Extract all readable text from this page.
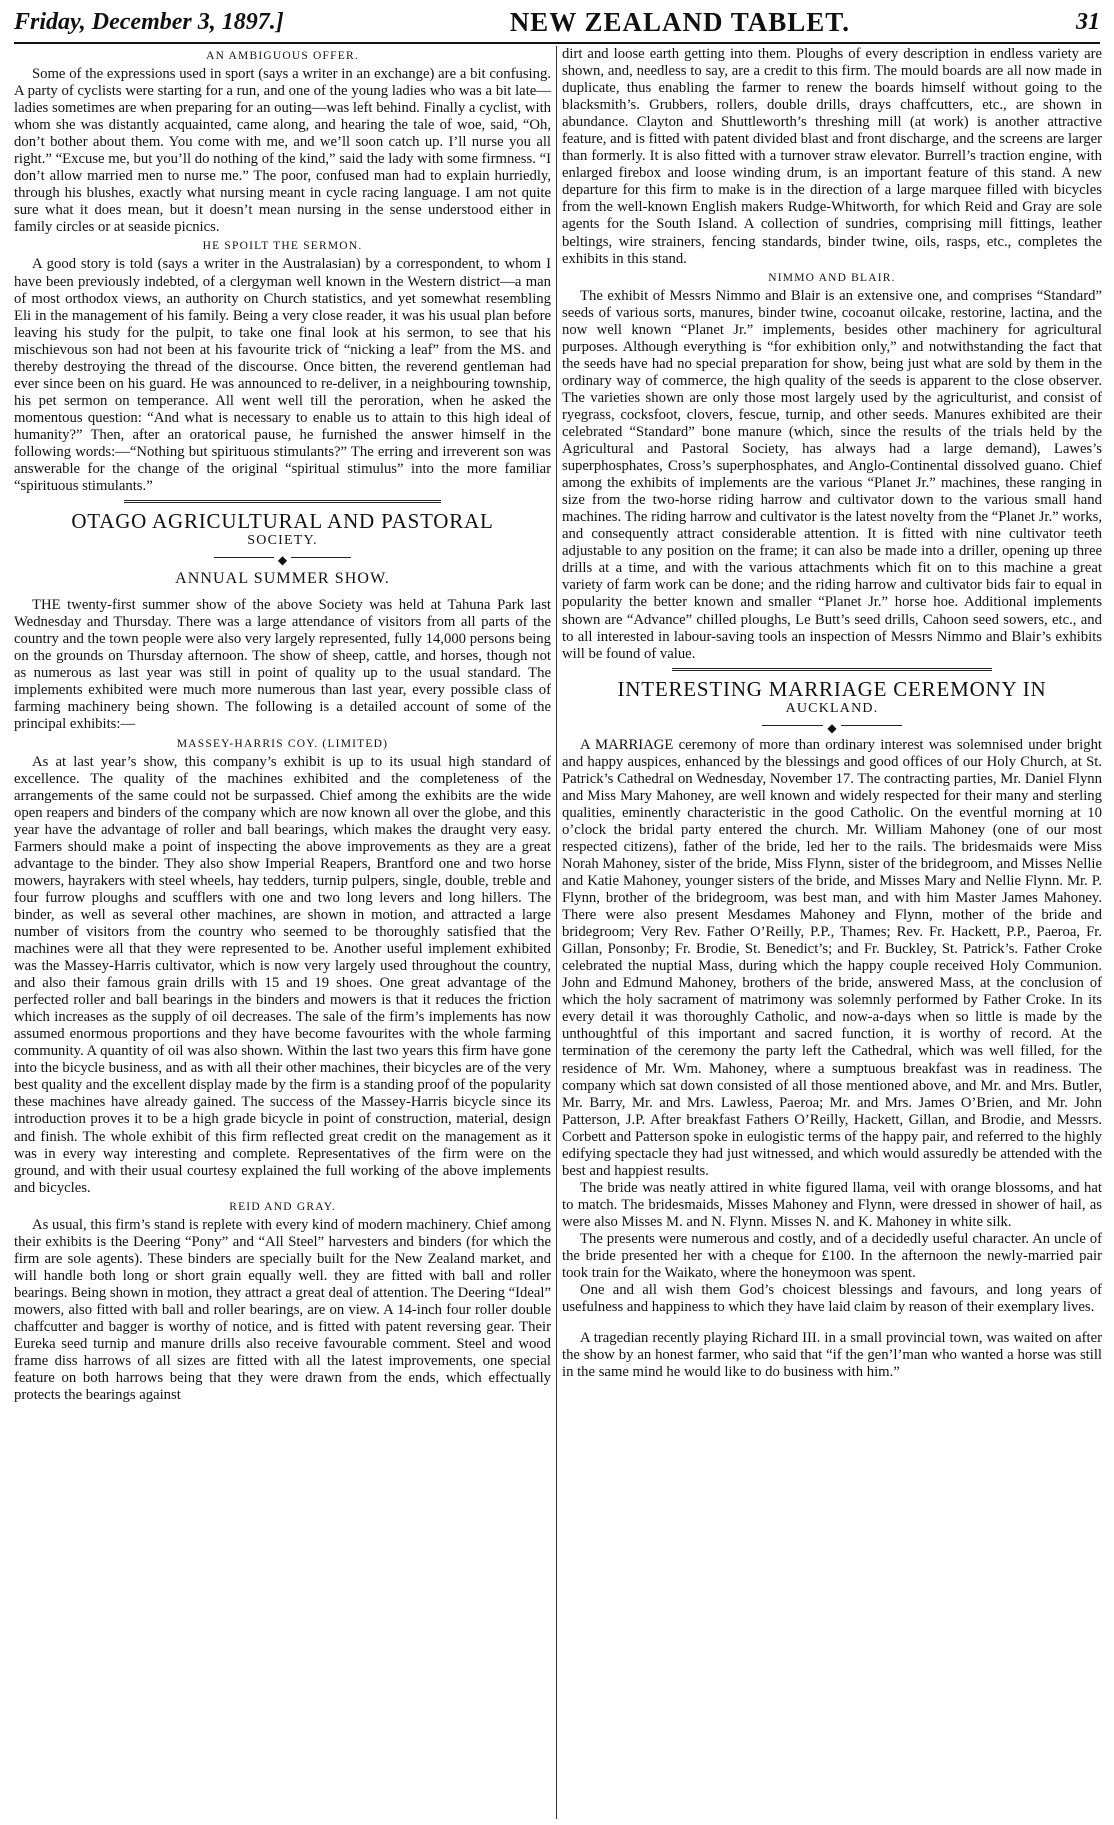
Friday, December 3, 1897.]	NEW ZEALAND TABLET.	31
AN AMBIGUOUS OFFER.

Some of the expressions used in sport (says a writer in an exchange) are a bit confusing. A party of cyclists were starting for a run, and one of the young ladies who was a bit late—ladies sometimes are when preparing for an outing—was left behind. Finally a cyclist, with whom she was distantly acquainted, came along, and hearing the tale of woe, said, “Oh, don’t bother about them. You come with me, and we’ll soon catch up. I’ll nurse you all right.” “Excuse me, but you’ll do nothing of the kind,” said the lady with some firmness. “I don’t allow married men to nurse me.” The poor, confused man had to explain hurriedly, through his blushes, exactly what nursing meant in cycle racing language. I am not quite sure what it does mean, but it doesn’t mean nursing in the sense understood either in family circles or at seaside picnics.

HE SPOILT THE SERMON.

A good story is told (says a writer in the Australasian) by a correspondent, to whom I have been previously indebted, of a clergyman well known in the Western district—a man of most orthodox views, an authority on Church statistics, and yet somewhat resembling Eli in the management of his family. Being a very close reader, it was his usual plan before leaving his study for the pulpit, to take one final look at his sermon, to see that his mischievous son had not been at his favourite trick of “nicking a leaf” from the MS. and thereby destroying the thread of the discourse. Once bitten, the reverend gentleman had ever since been on his guard. He was announced to re-deliver, in a neighbouring township, his pet sermon on temperance. All went well till the peroration, when he asked the momentous question: “And what is necessary to enable us to attain to this high ideal of humanity?” Then, after an oratorical pause, he furnished the answer himself in the following words:—“Nothing but spirituous stimulants?” The erring and irreverent son was answerable for the change of the original “spiritual stimulus” into the more familiar “spirituous stimulants.”

OTAGO AGRICULTURAL AND PASTORAL
SOCIETY.
◆
ANNUAL SUMMER SHOW.

THE twenty-first summer show of the above Society was held at Tahuna Park last Wednesday and Thursday. There was a large attendance of visitors from all parts of the country and the town people were also very largely represented, fully 14,000 persons being on the grounds on Thursday afternoon. The show of sheep, cattle, and horses, though not as numerous as last year was still in point of quality up to the usual standard. The implements exhibited were much more numerous than last year, every possible class of farming machinery being shown. The following is a detailed account of some of the principal exhibits:—

MASSEY-HARRIS COY. (LIMITED)

As at last year’s show, this company’s exhibit is up to its usual high standard of excellence. The quality of the machines exhibited and the completeness of the arrangements of the same could not be surpassed. Chief among the exhibits are the wide open reapers and binders of the company which are now known all over the globe, and this year have the advantage of roller and ball bearings, which makes the draught very easy. Farmers should make a point of inspecting the above improvements as they are a great advantage to the binder. They also show Imperial Reapers, Brantford one and two horse mowers, hayrakers with steel wheels, hay tedders, turnip pulpers, single, double, treble and four furrow ploughs and scufflers with one and two long levers and long hillers. The binder, as well as several other machines, are shown in motion, and attracted a large number of visitors from the country who seemed to be thoroughly satisfied that the machines were all that they were represented to be. Another useful implement exhibited was the Massey-Harris cultivator, which is now very largely used throughout the country, and also their famous grain drills with 15 and 19 shoes. One great advantage of the perfected roller and ball bearings in the binders and mowers is that it reduces the friction which increases as the supply of oil decreases. The sale of the firm’s implements has now assumed enormous proportions and they have become favourites with the whole farming community. A quantity of oil was also shown. Within the last two years this firm have gone into the bicycle business, and as with all their other machines, their bicycles are of the very best quality and the excellent display made by the firm is a standing proof of the popularity these machines have already gained. The success of the Massey-Harris bicycle since its introduction proves it to be a high grade bicycle in point of construction, material, design and finish. The whole exhibit of this firm reflected great credit on the management as it was in every way interesting and complete. Representatives of the firm were on the ground, and with their usual courtesy explained the full working of the above implements and bicycles.

REID AND GRAY.

As usual, this firm’s stand is replete with every kind of modern machinery. Chief among their exhibits is the Deering “Pony” and “All Steel” harvesters and binders (for which the firm are sole agents). These binders are specially built for the New Zealand market, and will handle both long or short grain equally well. they are fitted with ball and roller bearings. Being shown in motion, they attract a great deal of attention. The Deering “Ideal” mowers, also fitted with ball and roller bearings, are on view. A 14-inch four roller double chaffcutter and bagger is worthy of notice, and is fitted with patent reversing gear. Their Eureka seed turnip and manure drills also receive favourable comment. Steel and wood frame diss harrows of all sizes are fitted with all the latest improvements, one special feature on both harrows being that they were drawn from the ends, which effectually protects the bearings against

dirt and loose earth getting into them. Ploughs of every description in endless variety are shown, and, needless to say, are a credit to this firm. The mould boards are all now made in duplicate, thus enabling the farmer to renew the boards himself without going to the blacksmith’s. Grubbers, rollers, double drills, drays chaffcutters, etc., are shown in abundance. Clayton and Shuttleworth’s threshing mill (at work) is another attractive feature, and is fitted with patent divided blast and front discharge, and the screens are larger than formerly. It is also fitted with a turnover straw elevator. Burrell’s traction engine, with enlarged firebox and loose winding drum, is an important feature of this stand. A new departure for this firm to make is in the direction of a large marquee filled with bicycles from the well-known English makers Rudge-Whitworth, for which Reid and Gray are sole agents for the South Island. A collection of sundries, comprising mill fittings, leather beltings, wire strainers, fencing standards, binder twine, oils, rasps, etc., completes the exhibits in this stand.

NIMMO AND BLAIR.

The exhibit of Messrs Nimmo and Blair is an extensive one, and comprises “Standard” seeds of various sorts, manures, binder twine, cocoanut oilcake, restorine, lactina, and the now well known “Planet Jr.” implements, besides other machinery for agricultural purposes. Although everything is “for exhibition only,” and notwithstanding the fact that the seeds have had no special preparation for show, being just what are sold by them in the ordinary way of commerce, the high quality of the seeds is apparent to the close observer. The varieties shown are only those most largely used by the agriculturist, and consist of ryegrass, cocksfoot, clovers, fescue, turnip, and other seeds. Manures exhibited are their celebrated “Standard” bone manure (which, since the results of the trials held by the Agricultural and Pastoral Society, has always had a large demand), Lawes’s superphosphates, Cross’s superphosphates, and Anglo-Continental dissolved guano. Chief among the exhibits of implements are the various “Planet Jr.” machines, these ranging in size from the two-horse riding harrow and cultivator down to the various small hand machines. The riding harrow and cultivator is the latest novelty from the “Planet Jr.” works, and consequently attract considerable attention. It is fitted with nine cultivator teeth adjustable to any position on the frame; it can also be made into a driller, opening up three drills at a time, and with the various attachments which fit on to this machine a great variety of farm work can be done; and the riding harrow and cultivator bids fair to equal in popularity the better known and smaller “Planet Jr.” horse hoe. Additional implements shown are “Advance” chilled ploughs, Le Butt’s seed drills, Cahoon seed sowers, etc., and to all interested in labour-saving tools an inspection of Messrs Nimmo and Blair’s exhibits will be found of value.

INTERESTING MARRIAGE CEREMONY IN
AUCKLAND.
◆

A MARRIAGE ceremony of more than ordinary interest was solemnised under bright and happy auspices, enhanced by the blessings and good offices of our Holy Church, at St. Patrick’s Cathedral on Wednesday, November 17. The contracting parties, Mr. Daniel Flynn and Miss Mary Mahoney, are well known and widely respected for their many and sterling qualities, eminently characteristic in the good Catholic. On the eventful morning at 10 o’clock the bridal party entered the church. Mr. William Mahoney (one of our most respected citizens), father of the bride, led her to the rails. The bridesmaids were Miss Norah Mahoney, sister of the bride, Miss Flynn, sister of the bridegroom, and Misses Nellie and Katie Mahoney, younger sisters of the bride, and Misses Mary and Nellie Flynn. Mr. P. Flynn, brother of the bridegroom, was best man, and with him Master James Mahoney. There were also present Mesdames Mahoney and Flynn, mother of the bride and bridegroom; Very Rev. Father O’Reilly, P.P., Thames; Rev. Fr. Hackett, P.P., Paeroa, Fr. Gillan, Ponsonby; Fr. Brodie, St. Benedict’s; and Fr. Buckley, St. Patrick’s. Father Croke celebrated the nuptial Mass, during which the happy couple received Holy Communion. John and Edmund Mahoney, brothers of the bride, answered Mass, at the conclusion of which the holy sacrament of matrimony was solemnly performed by Father Croke. In its every detail it was thoroughly Catholic, and now-a-days when so little is made by the unthoughtful of this important and sacred function, it is worthy of record. At the termination of the ceremony the party left the Cathedral, which was well filled, for the residence of Mr. Wm. Mahoney, where a sumptuous breakfast was in readiness. The company which sat down consisted of all those mentioned above, and Mr. and Mrs. Butler, Mr. Barry, Mr. and Mrs. Lawless, Paeroa; Mr. and Mrs. James O’Brien, and Mr. John Patterson, J.P. After breakfast Fathers O’Reilly, Hackett, Gillan, and Brodie, and Messrs. Corbett and Patterson spoke in eulogistic terms of the happy pair, and referred to the highly edifying spectacle they had just witnessed, and which would assuredly be attended with the best and happiest results.

The bride was neatly attired in white figured llama, veil with orange blossoms, and hat to match. The bridesmaids, Misses Mahoney and Flynn, were dressed in shower of hail, as were also Misses M. and N. Flynn. Misses N. and K. Mahoney in white silk.

The presents were numerous and costly, and of a decidedly useful character. An uncle of the bride presented her with a cheque for £100. In the afternoon the newly-married pair took train for the Waikato, where the honeymoon was spent.

One and all wish them God’s choicest blessings and favours, and long years of usefulness and happiness to which they have laid claim by reason of their exemplary lives.

A tragedian recently playing Richard III. in a small provincial town, was waited on after the show by an honest farmer, who said that “if the gen’l’man who wanted a horse was still in the same mind he would like to do business with him.”
